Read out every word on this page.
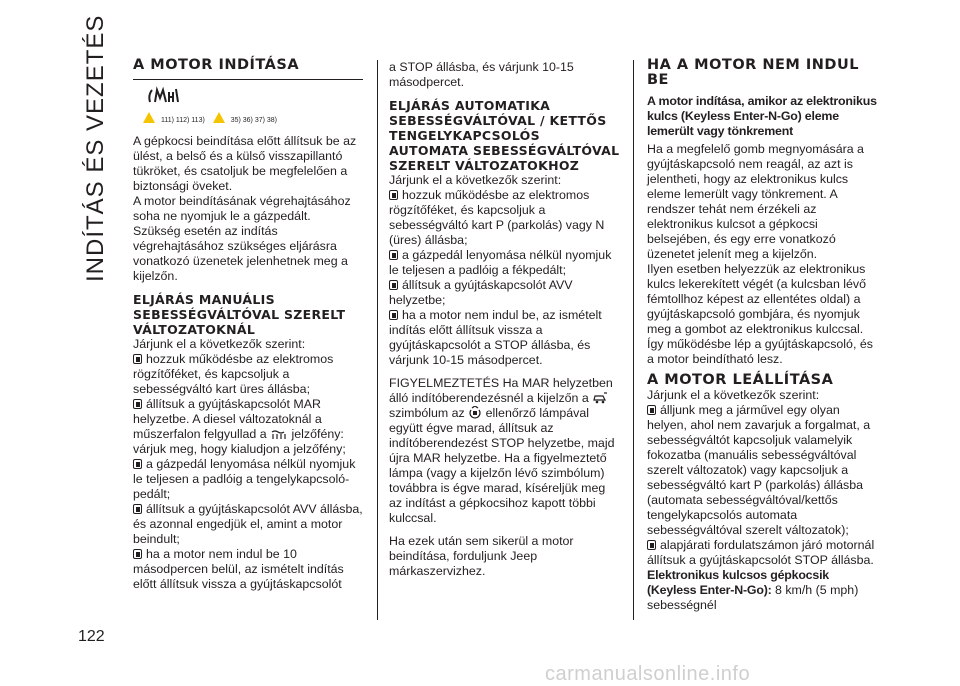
INDÍTÁS ÉS VEZETÉS A MOTOR INDÍTÁSA
111) 112) 113)	35) 36) 37) 38)

A gépkocsi beindítása előtt állítsuk be az ülést, a belső és a külső visszapillantó tükröket, és csatoljuk be megfelelően a biztonsági öveket.

A motor beindításának végrehajtásához soha ne nyomjuk le a gázpedált.

Szükség esetén az indítás végrehajtásához szükséges eljárásra vonatkozó üzenetek jelenhetnek meg a kijelzőn.

ELJÁRÁS MANUÁLIS SEBESSÉGVÁLTÓVAL SZERELT VÁLTOZATOKNÁL

Járjunk el a következők szerint:

hozzuk működésbe az elektromos rögzítőféket, és kapcsoljuk a sebességváltó kart üres állásba;

állítsuk a gyújtáskapcsolót MAR helyzetbe. A diesel változatoknál a műszerfalon felgyullad a jelzőfény: várjuk meg, hogy kialudjon a jelzőfény;

a gázpedál lenyomása nélkül nyomjuk le teljesen a padlóig a tengelykapcsoló-pedált;

állítsuk a gyújtáskapcsolót AVV állásba, és azonnal engedjük el, amint a motor beindult;

ha a motor nem indul be 10 másodpercen belül, az ismételt indítás előtt állítsuk vissza a gyújtáskapcsolót

a STOP állásba, és várjunk 10-15 másodpercet.

ELJÁRÁS AUTOMATIKA SEBESSÉGVÁLTÓVAL / KETTŐS TENGELYKAPCSOLÓS AUTOMATA SEBESSÉGVÁLTÓVAL SZERELT VÁLTOZATOKHOZ

Járjunk el a következők szerint:

hozzuk működésbe az elektromos rögzítőféket, és kapcsoljuk a sebességváltó kart P (parkolás) vagy N (üres) állásba;

a gázpedál lenyomása nélkül nyomjuk le teljesen a padlóig a fékpedált;

állítsuk a gyújtáskapcsolót AVV helyzetbe;

ha a motor nem indul be, az ismételt indítás előtt állítsuk vissza a gyújtáskapcsolót a STOP állásba, és várjunk 10-15 másodpercet.

FIGYELMEZTETÉS Ha MAR helyzetben álló indítóberendezésnél a kijelzőn a  szimbólum az ellenőrző lámpával együtt égve marad, állítsuk az indítóberendezést STOP helyzetbe, majd újra MAR helyzetbe. Ha a figyelmeztető lámpa (vagy a kijelzőn lévő szimbólum) továbbra is égve marad, kíséreljük meg az indítást a gépkocsihoz kapott többi kulccsal.

Ha ezek után sem sikerül a motor beindítása, forduljunk Jeep márkaszervizhez.

HA A MOTOR NEM INDUL BE

A motor indítása, amikor az elektronikus kulcs (Keyless Enter-N-Go) eleme lemerült vagy tönkrement

Ha a megfelelő gomb megnyomására a gyújtáskapcsoló nem reagál, az azt is jelentheti, hogy az elektronikus kulcs eleme lemerült vagy tönkrement. A rendszer tehát nem érzékeli az elektronikus kulcsot a gépkocsi belsejében, és egy erre vonatkozó üzenetet jelenít meg a kijelzőn.

Ilyen esetben helyezzük az elektronikus kulcs lekerekített végét (a kulcsban lévő fémtollhoz képest az ellentétes oldal) a gyújtáskapcsoló gombjára, és nyomjuk meg a gombot az elektronikus kulccsal. Így működésbe lép a gyújtáskapcsoló, és a motor beindítható lesz.

A MOTOR LEÁLLÍTÁSA

Járjunk el a következők szerint:

álljunk meg a járművel egy olyan helyen, ahol nem zavarjuk a forgalmat, a sebességváltót kapcsoljuk valamelyik fokozatba (manuális sebességváltóval szerelt változatok) vagy kapcsoljuk a sebességváltó kart P (parkolás) állásba (automata sebességváltóval/kettős tengelykapcsolós automata sebességváltóval szerelt változatok);

alapjárati fordulatszámon járó motornál állítsuk a gyújtáskapcsolót STOP állásba.

Elektronikus kulcsos gépkocsik (Keyless Enter-N-Go): 8 km/h (5 mph) sebességnél

122
carmanualsonline.info
